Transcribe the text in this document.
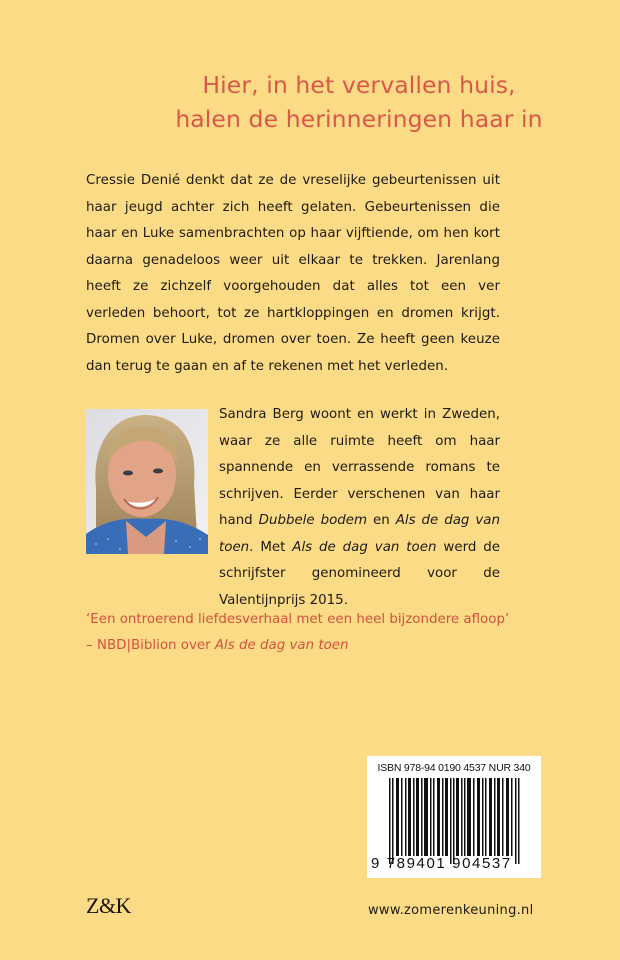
Hier, in het vervallen huis,
halen de herinneringen haar in

Cressie Denié denkt dat ze de vreselijke gebeurtenissen uit haar jeugd achter zich heeft gelaten. Gebeurtenissen die haar en Luke samenbrachten op haar vijftiende, om hen kort daarna genadeloos weer uit elkaar te trekken. Jarenlang heeft ze zichzelf voorgehouden dat alles tot een ver verleden behoort, tot ze hartkloppingen en dromen krijgt. Dromen over Luke, dromen over toen. Ze heeft geen keuze dan terug te gaan en af te rekenen met het verleden.

Sandra Berg woont en werkt in Zweden, waar ze alle ruimte heeft om haar spannende en verrassende romans te schrijven. Eerder verschenen van haar hand Dubbele bodem en Als de dag van toen. Met Als de dag van toen werd de schrijfster genomineerd voor de Valentijnprijs 2015.

‘Een ontroerend liefdesverhaal met een heel bijzondere afloop’

– NBD|Biblion over Als de dag van toen

ISBN 978-94 0190 4537 NUR 340
9 789401 904537
Z&K	www.zomerenkeuning.nl
